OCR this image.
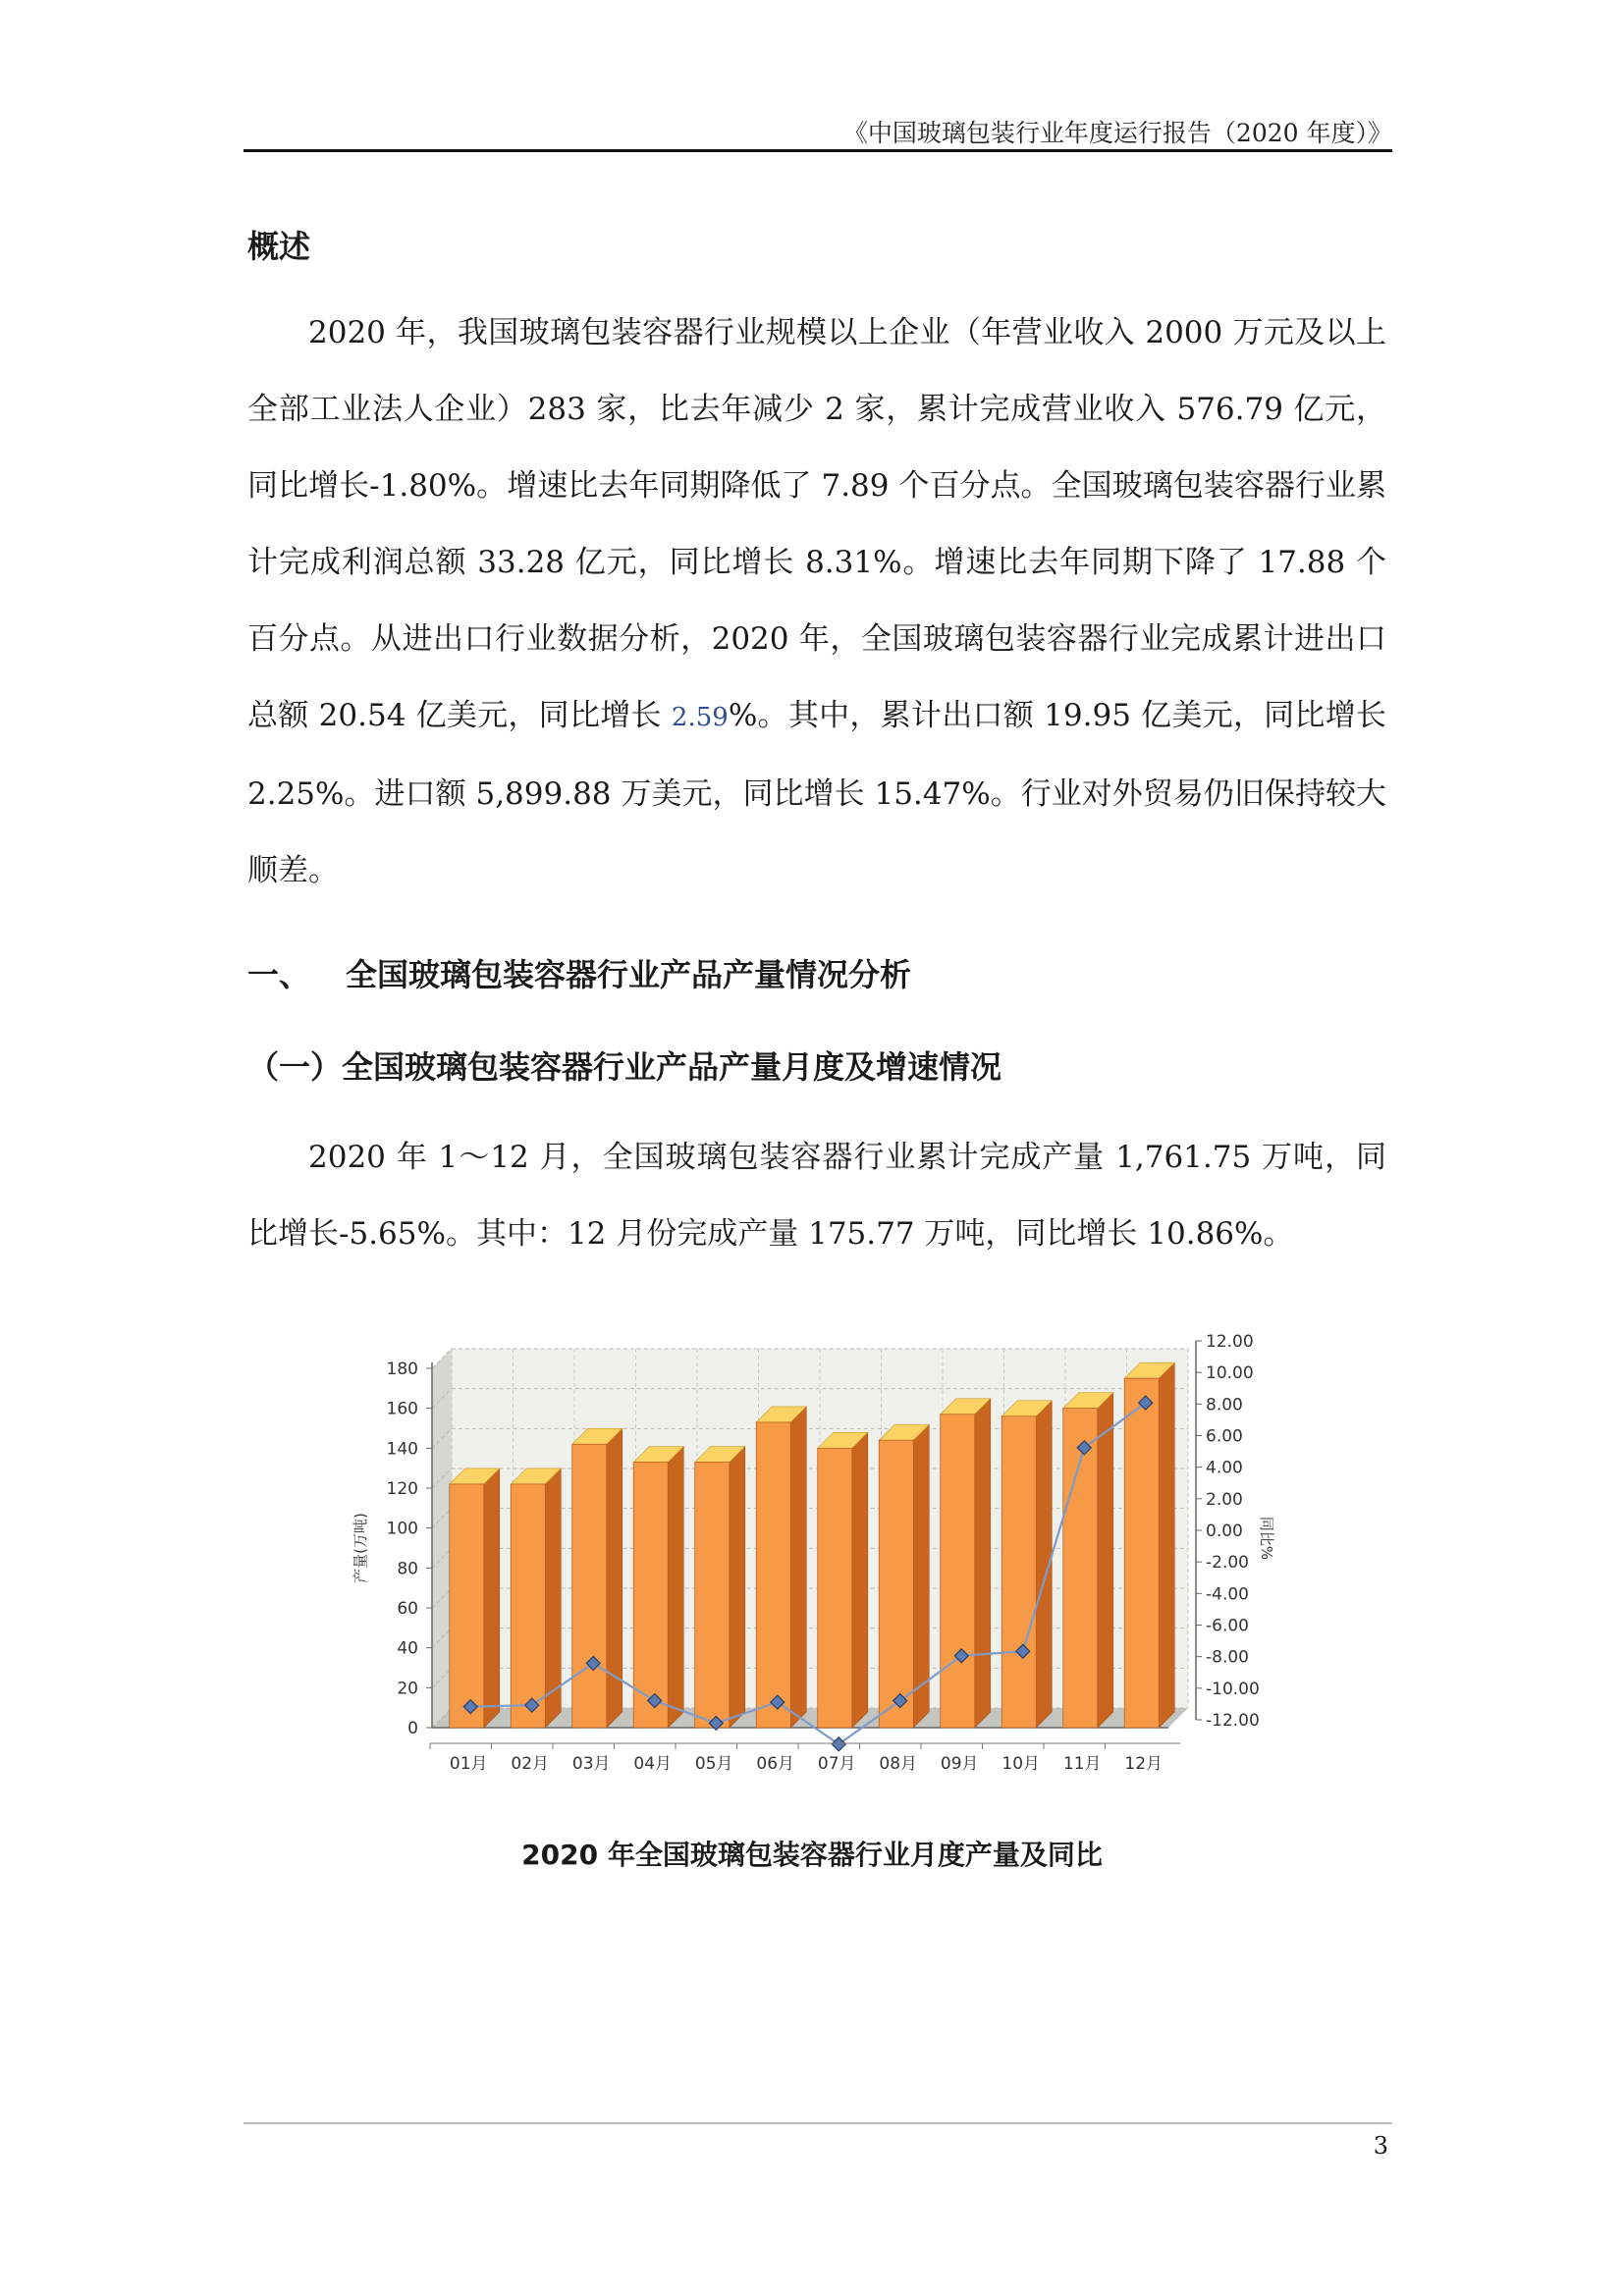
《中国玻璃包装行业年度运行报告（2020 年度）》
概述
2020 年，我国玻璃包装容器行业规模以上企业（年营业收入 2000 万元及以上全部工业法人企业）283 家，比去年减少 2 家，累计完成营业收入 576.79 亿元，同比增长-1.80%。增速比去年同期降低了 7.89 个百分点。全国玻璃包装容器行业累计完成利润总额 33.28 亿元，同比增长 8.31%。增速比去年同期下降了 17.88 个百分点。从进出口行业数据分析，2020 年，全国玻璃包装容器行业完成累计进出口总额 20.54 亿美元，同比增长 2.59%。其中，累计出口额 19.95 亿美元，同比增长 2.25%。进口额 5,899.88 万美元，同比增长 15.47%。行业对外贸易仍旧保持较大顺差。
一、 全国玻璃包装容器行业产品产量情况分析
（一）全国玻璃包装容器行业产品产量月度及增速情况
2020 年 1～12 月，全国玻璃包装容器行业累计完成产量 1,761.75 万吨，同比增长-5.65%。其中：12 月份完成产量 175.77 万吨，同比增长 10.86%。
0
20
40
60
80
100
120
140
160
180
12.00
10.00
8.00
6.00
4.00
2.00
0.00
-2.00
-4.00
-6.00
-8.00
-10.00
-12.00
产量(万吨)	同比%
01月 02月 03月 04月 05月 06月 07月 08月 09月 10月 11月 12月
2020 年全国玻璃包装容器行业月度产量及同比
3
